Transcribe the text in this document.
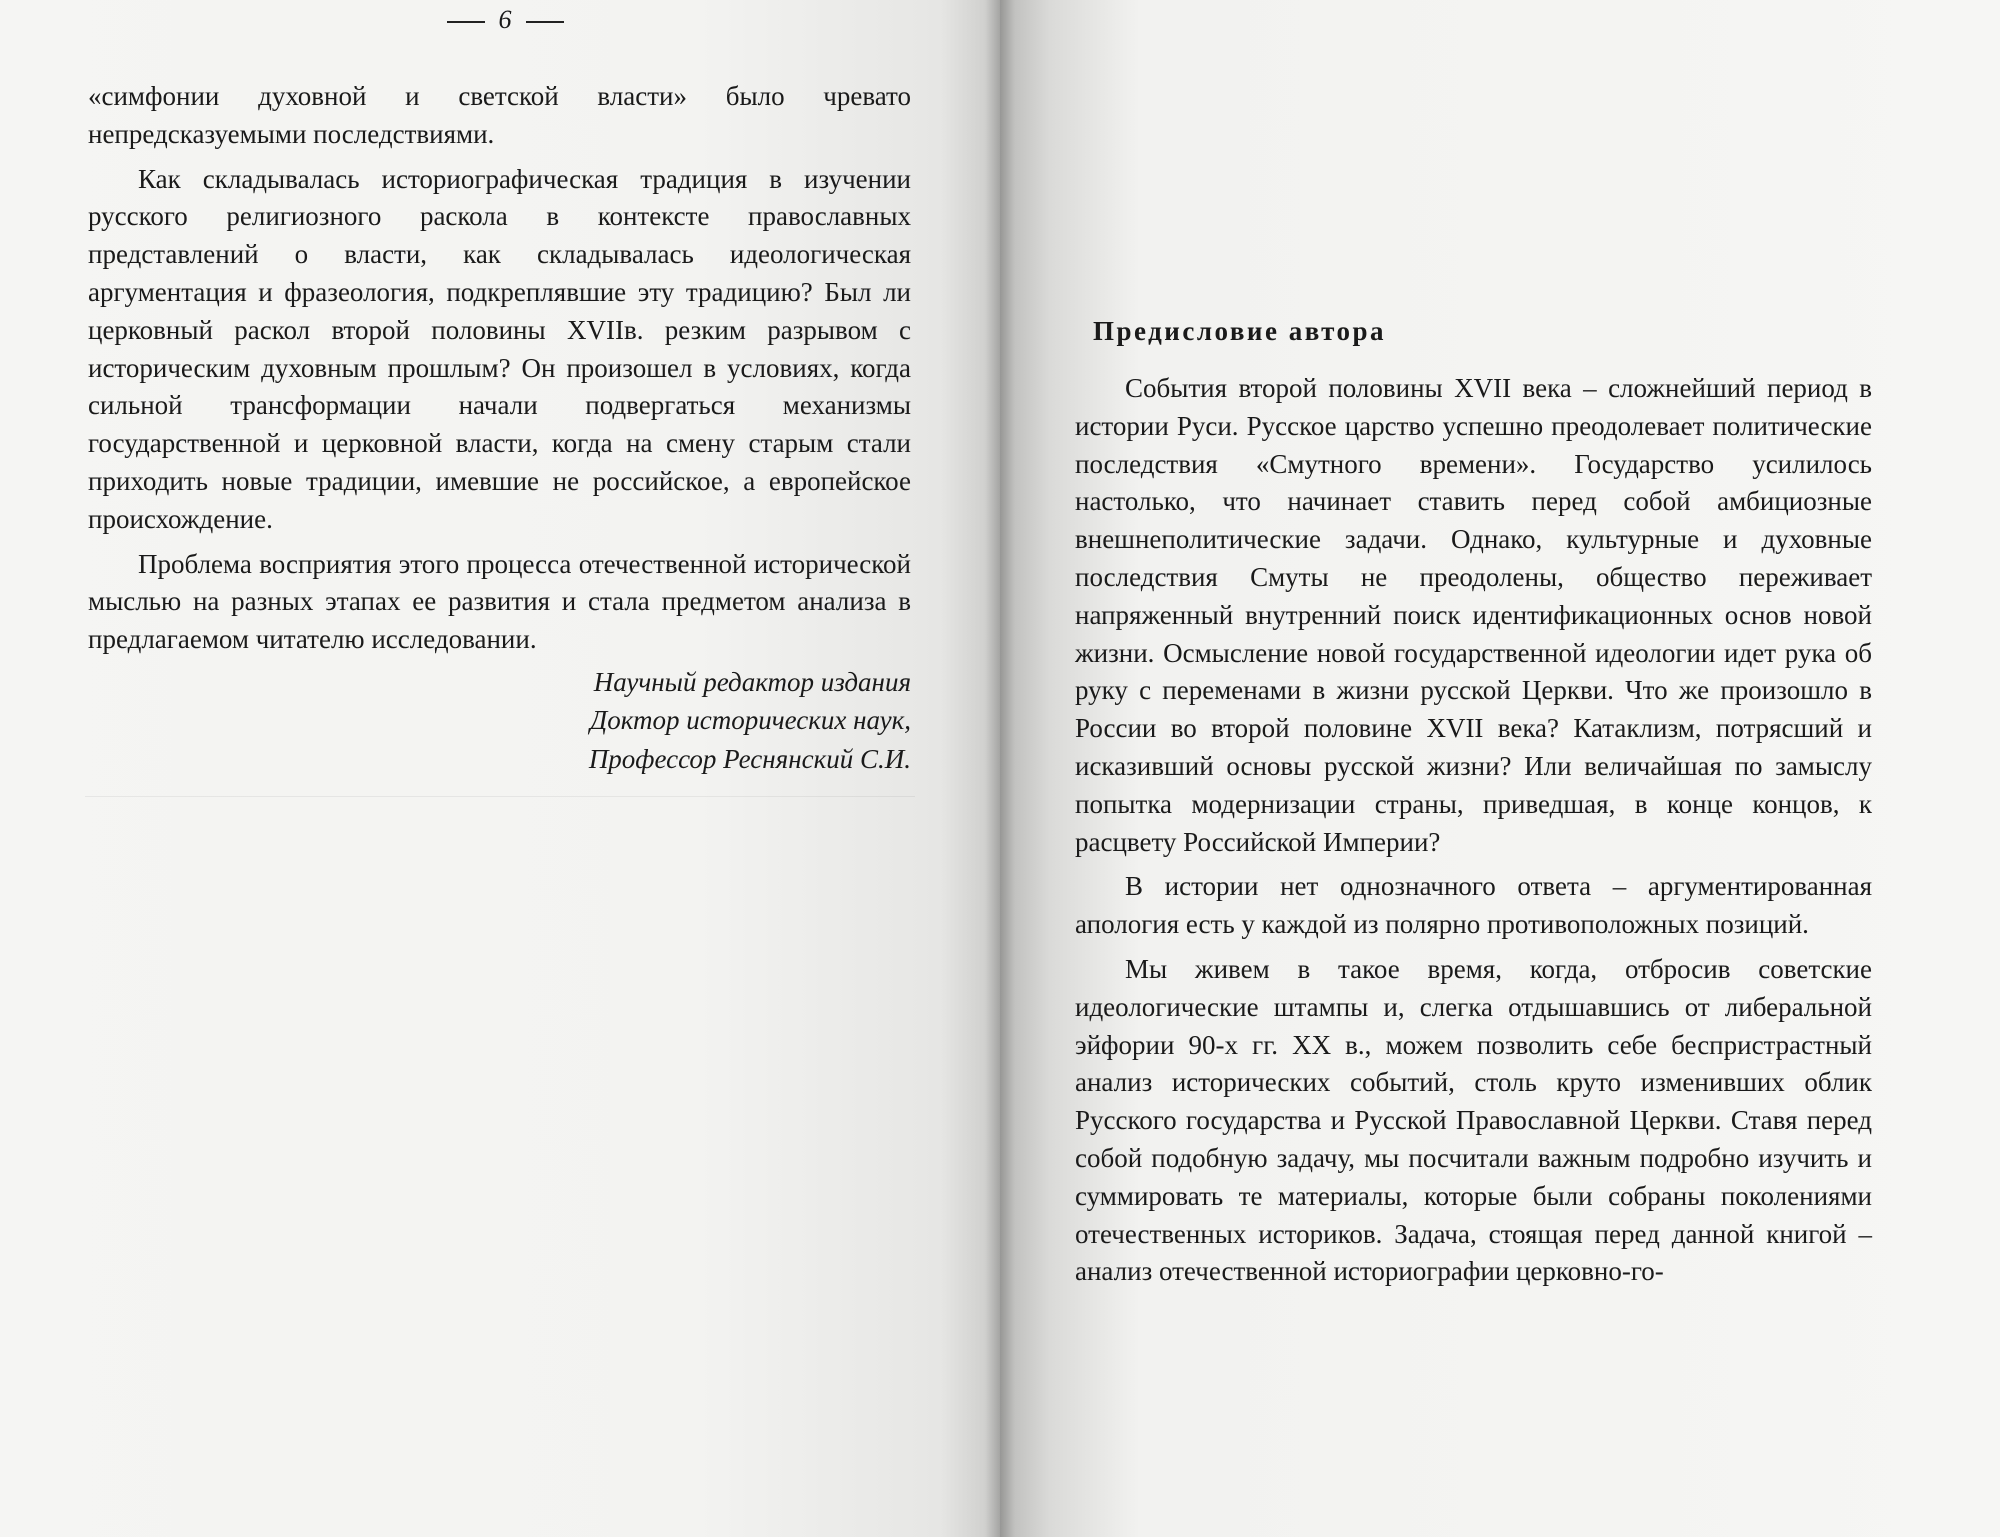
6

«симфонии духовной и светской власти» было чревато непредсказуемыми последствиями.

Как складывалась историографическая традиция в изучении русского религиозного раскола в контексте православных представлений о власти, как складывалась идеологическая аргументация и фразеология, подкреплявшие эту традицию? Был ли церковный раскол второй половины XVIIв. резким разрывом с историческим духовным прошлым? Он произошел в условиях, когда сильной трансформации начали подвергаться механизмы государственной и церковной власти, когда на смену старым стали приходить новые традиции, имевшие не российское, а европейское происхождение.

Проблема восприятия этого процесса отечественной исторической мыслью на разных этапах ее развития и стала предметом анализа в предлагаемом читателю исследовании.

Научный редактор издания
Доктор исторических наук,
Профессор Реснянский С.И.
Предисловие автора

События второй половины XVII века – сложнейший период в истории Руси. Русское царство успешно преодолевает политические последствия «Смутного времени». Государство усилилось настолько, что начинает ставить перед собой амбициозные внешнеполитические задачи. Однако, культурные и духовные последствия Смуты не преодолены, общество переживает напряженный внутренний поиск идентификационных основ новой жизни. Осмысление новой государственной идеологии идет рука об руку с переменами в жизни русской Церкви. Что же произошло в России во второй половине XVII века? Катаклизм, потрясший и исказивший основы русской жизни? Или величайшая по замыслу попытка модернизации страны, приведшая, в конце концов, к расцвету Российской Империи?

В истории нет однозначного ответа – аргументированная апология есть у каждой из полярно противоположных позиций.

Мы живем в такое время, когда, отбросив советские идеологические штампы и, слегка отдышавшись от либеральной эйфории 90-х гг. XX в., можем позволить себе беспристрастный анализ исторических событий, столь круто изменивших облик Русского государства и Русской Православной Церкви. Ставя перед собой подобную задачу, мы посчитали важным подробно изучить и суммировать те материалы, которые были собраны поколениями отечественных историков. Задача, стоящая перед данной книгой – анализ отечественной историографии церковно-го-
